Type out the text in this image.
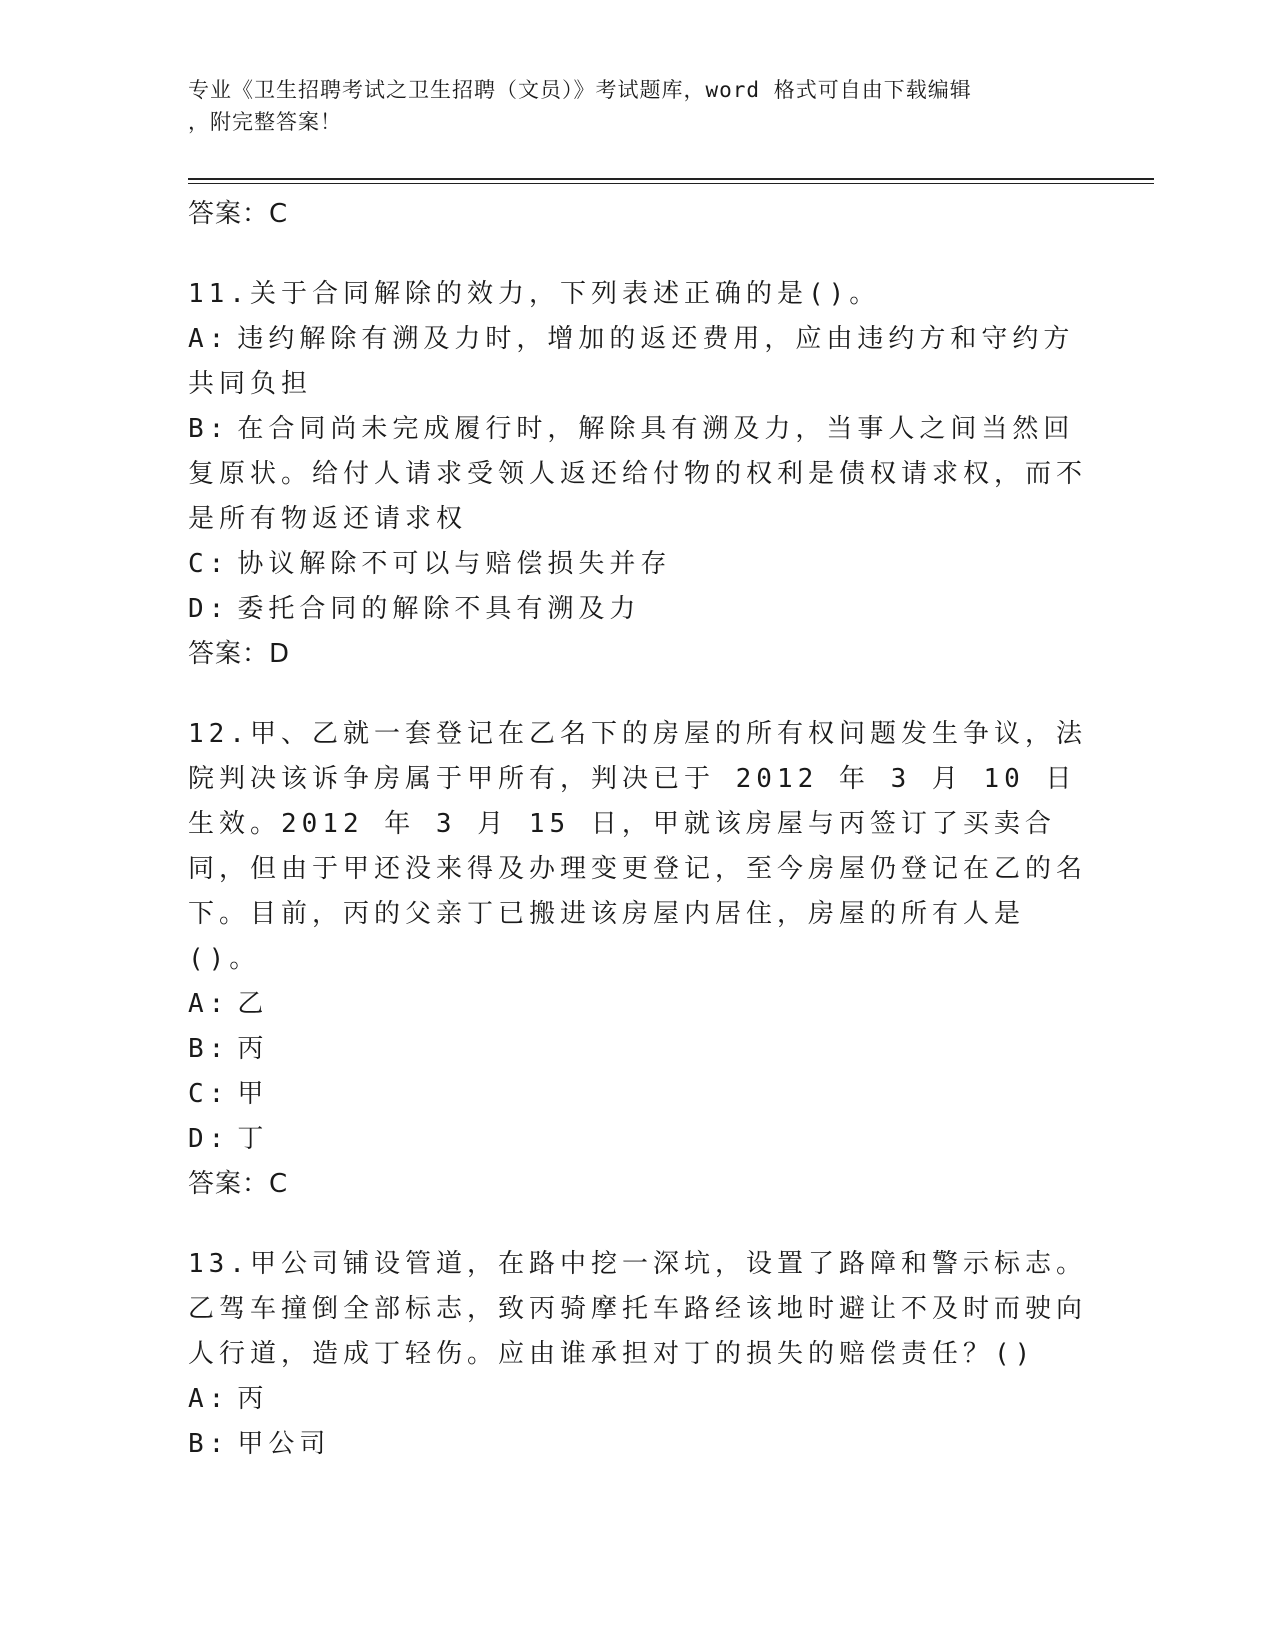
专业《卫生招聘考试之卫生招聘（文员）》考试题库，word 格式可自由下载编辑
，附完整答案！

答案：C

11.关于合同解除的效力，下列表述正确的是()。

A: 违约解除有溯及力时，增加的返还费用，应由违约方和守约方共同负担

B: 在合同尚未完成履行时，解除具有溯及力，当事人之间当然回复原状。给付人请求受领人返还给付物的权利是债权请求权，而不是所有物返还请求权

C: 协议解除不可以与赔偿损失并存

D: 委托合同的解除不具有溯及力

答案：D

12.甲、乙就一套登记在乙名下的房屋的所有权问题发生争议，法院判决该诉争房属于甲所有，判决已于 2012 年 3 月 10 日生效。2012 年 3 月 15 日，甲就该房屋与丙签订了买卖合同，但由于甲还没来得及办理变更登记，至今房屋仍登记在乙的名下。目前，丙的父亲丁已搬进该房屋内居住，房屋的所有人是()。

A: 乙

B: 丙

C: 甲

D: 丁

答案：C

13.甲公司铺设管道，在路中挖一深坑，设置了路障和警示标志。乙驾车撞倒全部标志，致丙骑摩托车路经该地时避让不及时而驶向人行道，造成丁轻伤。应由谁承担对丁的损失的赔偿责任？()

A: 丙

B: 甲公司
